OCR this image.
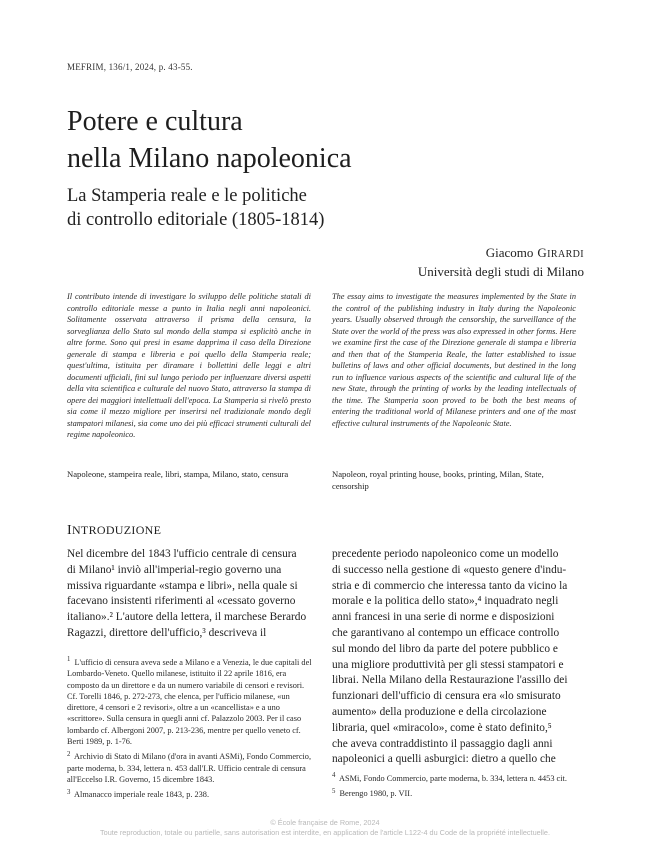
MEFRIM, 136/1, 2024, p. 43-55.
Potere e cultura
nella Milano napoleonica
La Stamperia reale e le politiche
di controllo editoriale (1805-1814)
Giacomo GIRARDI
Università degli studi di Milano
Il contributo intende di investigare lo sviluppo delle politiche statali di controllo editoriale messe a punto in Italia negli anni napoleonici. Solitamente osservata attraverso il prisma della censura, la sorveglianza dello Stato sul mondo della stampa si esplicitò anche in altre forme. Sono qui presi in esame dapprima il caso della Direzione generale di stampa e libreria e poi quello della Stamperia reale; quest'ultima, istituita per diramare i bollettini delle leggi e altri documenti ufficiali, fini sul lungo periodo per influenzare diversi aspetti della vita scientifica e culturale del nuovo Stato, attraverso la stampa di opere dei maggiori intellettuali dell'epoca. La Stamperia si rivelò presto sia come il mezzo migliore per inserirsi nel tradizionale mondo degli stampatori milanesi, sia come uno dei più efficaci strumenti culturali del regime napoleonico.
The essay aims to investigate the measures implemented by the State in the control of the publishing industry in Italy during the Napoleonic years. Usually observed through the censorship, the surveillance of the State over the world of the press was also expressed in other forms. Here we examine first the case of the Direzione generale di stampa e libreria and then that of the Stamperia Reale, the latter established to issue bulletins of laws and other official documents, but destined in the long run to influence various aspects of the scientific and cultural life of the new State, through the printing of works by the leading intellectuals of the time. The Stamperia soon proved to be both the best means of entering the traditional world of Milanese printers and one of the most effective cultural instruments of the Napoleonic State.
Napoleone, stampeira reale, libri, stampa, Milano, stato, censura	Napoleon, royal printing house, books, printing, Milan, State, censorship
INTRODUZIONE
Nel dicembre del 1843 l'ufficio centrale di censura
di Milano¹ inviò all'imperial-regio governo una
missiva riguardante «stampa e libri», nella quale si
facevano insistenti riferimenti al «cessato governo
italiano».² L'autore della lettera, il marchese Berardo
Ragazzi, direttore dell'ufficio,³ descriveva il
precedente periodo napoleonico come un modello
di successo nella gestione di «questo genere d'indu-
stria e di commercio che interessa tanto da vicino la
morale e la politica dello stato»,⁴ inquadrato negli
anni francesi in una serie di norme e disposizioni
che garantivano al contempo un efficace controllo
sul mondo del libro da parte del potere pubblico e
una migliore produttività per gli stessi stampatori e
librai. Nella Milano della Restaurazione l'assillo dei
funzionari dell'ufficio di censura era «lo smisurato
aumento» della produzione e della circolazione
libraria, quel «miracolo», come è stato definito,⁵
che aveva contraddistinto il passaggio dagli anni
napoleonici a quelli asburgici: dietro a quello che

$^1$ L'ufficio di censura aveva sede a Milano e a Venezia, le due capitali del Lombardo-Veneto. Quello milanese, istituito il 22 aprile 1816, era composto da un direttore e da un numero variabile di censori e revisori. Cf. Torelli 1846, p. 272-273, che elenca, per l'ufficio milanese, «un direttore, 4 censori e 2 revisori», oltre a un «cancellista» e a uno «scrittore». Sulla censura in quegli anni cf. Palazzolo 2003. Per il caso lombardo cf. Albergoni 2007, p. 213-236, mentre per quello veneto cf. Berti 1989, p. 1-76.

$^2$ Archivio di Stato di Milano (d'ora in avanti ASMi), Fondo Commercio, parte moderna, b. 334, lettera n. 453 dall'I.R. Ufficio centrale di censura all'Eccelso I.R. Governo, 15 dicembre 1843.

$^3$ Almanacco imperiale reale 1843, p. 238.

$^4$ ASMi, Fondo Commercio, parte moderna, b. 334, lettera n. 4453 cit.

$^5$ Berengo 1980, p. VII.

© École française de Rome, 2024
Toute reproduction, totale ou partielle, sans autorisation est interdite, en application de l'article L122-4 du Code de la propriété intellectuelle.
